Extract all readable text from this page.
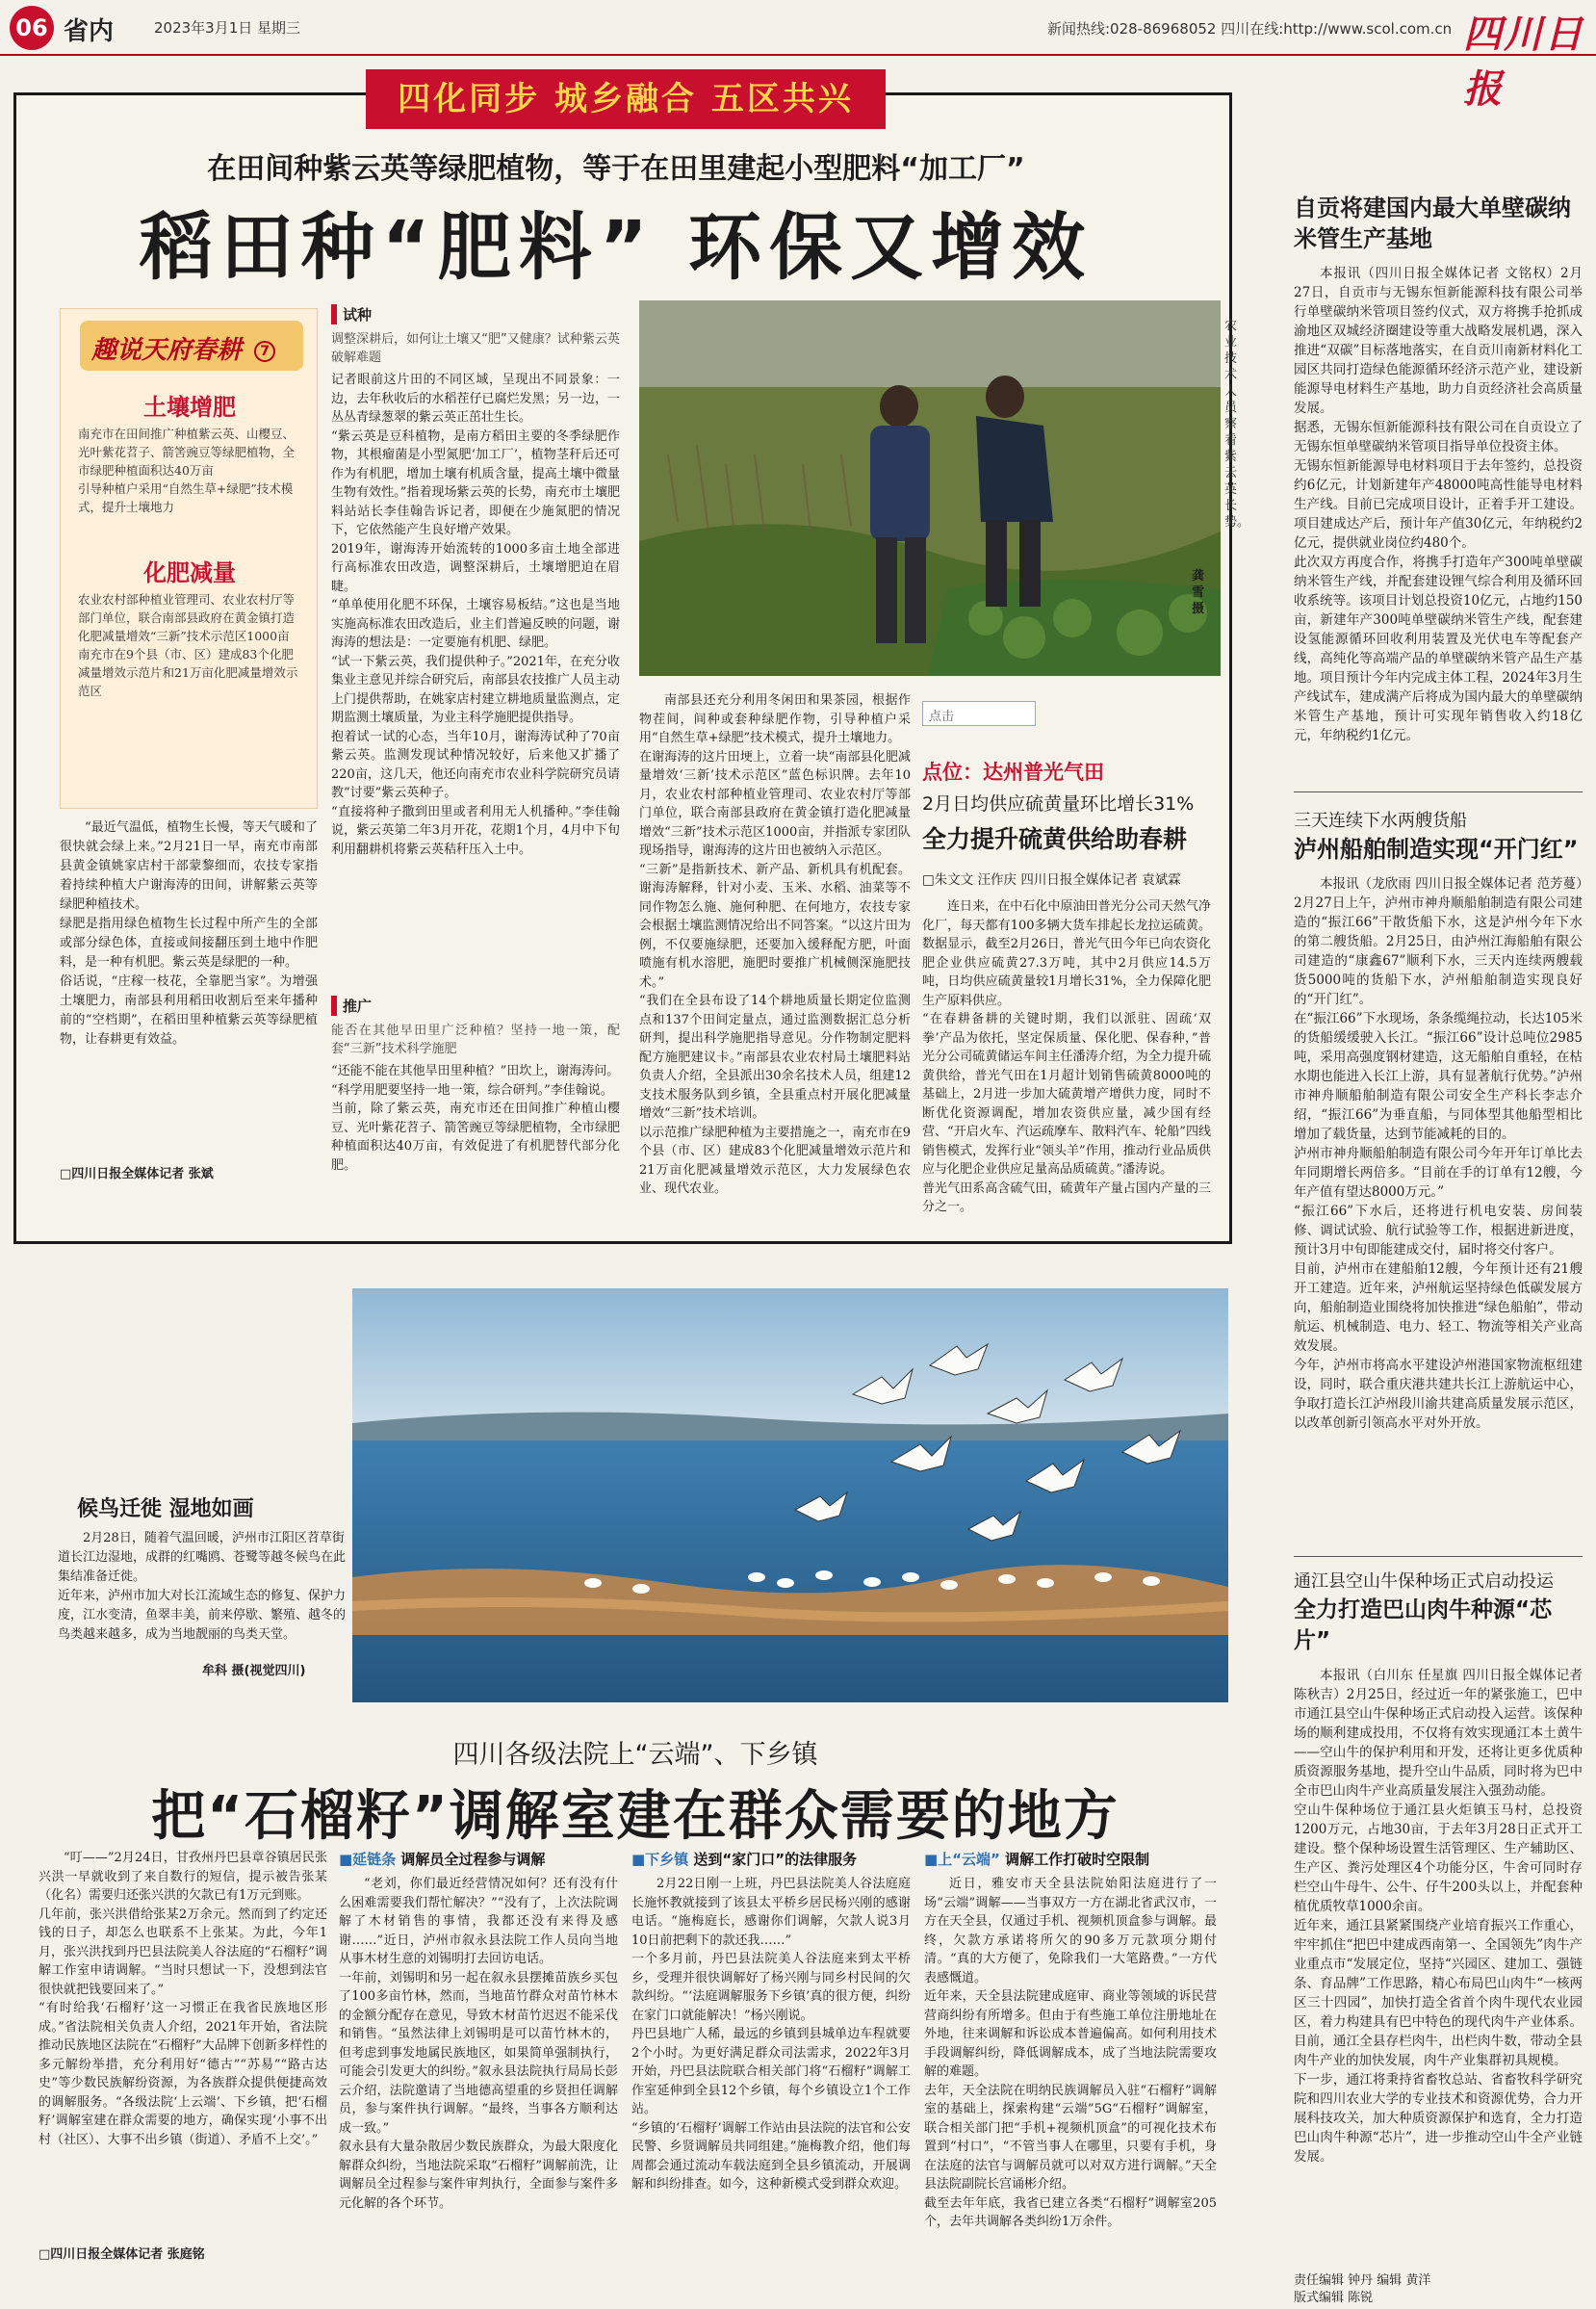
06 省内	2023年3月1日 星期三	新闻热线:028-86968052 四川在线:http://www.scol.com.cn 四川日报
四化同步 城乡融合 五区共兴
在田间种紫云英等绿肥植物，等于在田里建起小型肥料“加工厂”
稻田种“肥料” 环保又增效
趣说天府春耕 7
土壤增肥
南充市在田间推广种植紫云英、山樱豆、光叶紫花苕子、箭筈豌豆等绿肥植物，全市绿肥种植面积达40万亩
引导种植户采用“自然生草+绿肥”技术模式，提升土壤地力
化肥减量
农业农村部种植业管理司、农业农村厅等部门单位，联合南部县政府在黄金镇打造化肥减量增效“三新”技术示范区1000亩
南充市在9个县（市、区）建成83个化肥减量增效示范片和21万亩化肥减量增效示范区
“最近气温低，植物生长慢，等天气暖和了很快就会绿上来。”2月21日一早，南充市南部县黄金镇姚家店村干部蒙黎细而，农技专家指着持续种植大户谢海涛的田间，讲解紫云英等绿肥种植技术。
绿肥是指用绿色植物生长过程中所产生的全部或部分绿色体，直接或间接翻压到土地中作肥料，是一种有机肥。紫云英是绿肥的一种。
俗话说，“庄稼一枝花，全靠肥当家”。为增强土壤肥力，南部县利用稻田收割后至来年播种前的“空档期”，在稻田里种植紫云英等绿肥植物，让春耕更有效益。
□四川日报全媒体记者 张斌
试种
调整深耕后，如何让土壤又“肥”又健康？试种紫云英破解难题
记者眼前这片田的不同区域，呈现出不同景象：一边，去年秋收后的水稻茬仔已腐烂发黑；另一边，一丛丛青绿葱翠的紫云英正茁壮生长。
“紫云英是豆科植物，是南方稻田主要的冬季绿肥作物，其根瘤菌是小型氮肥‘加工厂’，植物茎秆后还可作为有机肥，增加土壤有机质含量，提高土壤中微量生物有效性。”指着现场紫云英的长势，南充市土壤肥料站站长李佳翰告诉记者，即便在少施氮肥的情况下，它依然能产生良好增产效果。
2019年，谢海涛开始流转的1000多亩土地全部进行高标准农田改造，调整深耕后，土壤增肥迫在眉睫。
“单单使用化肥不环保，土壤容易板结。”这也是当地实施高标准农田改造后，业主们普遍反映的问题，谢海涛的想法是：一定要施有机肥、绿肥。
“试一下紫云英，我们提供种子。”2021年，在充分收集业主意见并综合研究后，南部县农技推广人员主动上门提供帮助，在姚家店村建立耕地质量监测点，定期监测土壤质量，为业主科学施肥提供指导。
抱着试一试的心态，当年10月，谢海涛试种了70亩紫云英。监测发现试种情况较好，后来他又扩播了220亩，这几天，他还向南充市农业科学院研究员请教“讨要”紫云英种子。
“直接将种子撒到田里或者利用无人机播种。”李佳翰说，紫云英第二年3月开花，花期1个月，4月中下旬利用翻耕机将紫云英秸秆压入土中。
推广
能否在其他早田里广泛种植？坚持一地一策，配套“三新”技术科学施肥
“还能不能在其他旱田里种植？”田坎上，谢海涛问。
“科学用肥要坚持一地一策，综合研判。”李佳翰说。
当前，除了紫云英，南充市还在田间推广种植山樱豆、光叶紫花苕子、箭筈豌豆等绿肥植物，全市绿肥种植面积达40万亩，有效促进了有机肥替代部分化肥。
农业技术人员察看紫云英长势。
龚雪 摄
南部县还充分利用冬闲田和果茶园，根据作物茬间，间种或套种绿肥作物，引导种植户采用“自然生草+绿肥”技术模式，提升土壤地力。
在谢海涛的这片田埂上，立着一块“南部县化肥减量增效‘三新’技术示范区”蓝色标识牌。去年10月，农业农村部种植业管理司、农业农村厅等部门单位，联合南部县政府在黄金镇打造化肥减量增效“三新”技术示范区1000亩，并指派专家团队现场指导，谢海涛的这片田也被纳入示范区。
“三新”是指新技术、新产品、新机具有机配套。谢海涛解释，针对小麦、玉米、水稻、油菜等不同作物怎么施、施何种肥、在何地方，农技专家会根据土壤监测情况给出不同答案。“以这片田为例，不仅要施绿肥，还要加入缓释配方肥，叶面喷施有机水溶肥，施肥时要推广机械侧深施肥技术。”
“我们在全县布设了14个耕地质量长期定位监测点和137个田间定量点，通过监测数据汇总分析研判，提出科学施肥指导意见。分作物制定肥料配方施肥建议卡。”南部县农业农村局土壤肥料站负责人介绍，全县派出30余名技术人员，组建12支技术服务队到乡镇，全县重点村开展化肥减量增效“三新”技术培训。
以示范推广绿肥种植为主要措施之一，南充市在9个县（市、区）建成83个化肥减量增效示范片和21万亩化肥减量增效示范区，大力发展绿色农业、现代农业。
点击
点位：达州普光气田
2月日均供应硫黄量环比增长31%
全力提升硫黄供给助春耕
□朱文文 汪作庆 四川日报全媒体记者 袁斌霖
连日来，在中石化中原油田普光分公司天然气净化厂，每天都有100多辆大货车排起长龙拉运硫黄。数据显示，截至2月26日，普光气田今年已向农资化肥企业供应硫黄27.3万吨，其中2月供应14.5万吨，日均供应硫黄量较1月增长31%，全力保障化肥生产原料供应。
“在春耕备耕的关键时期，我们以派驻、固疏‘双拳’产品为依托，坚定保质量、保化肥、保春种，”普光分公司硫黄储运车间主任潘涛介绍，为全力提升硫黄供给，普光气田在1月超计划销售硫黄8000吨的基础上，2月进一步加大硫黄增产增供力度，同时不断优化资源调配，增加农资供应量，减少国有经营、“开启火车、汽运疏摩车、散料汽车、轮船”四线销售模式，发挥行业“领头羊”作用，推动行业品质供应与化肥企业供应足量高品质硫黄。”潘涛说。
普光气田系高含硫气田，硫黄年产量占国内产量的三分之一。
候鸟迁徙 湿地如画
2月28日，随着气温回暖，泸州市江阳区苕草街道长江边湿地，成群的红嘴鸥、苍鹭等越冬候鸟在此集结准备迁徙。
近年来，泸州市加大对长江流域生态的修复、保护力度，江水变清，鱼翠丰美，前来停歇、繁殖、越冬的鸟类越来越多，成为当地靓丽的鸟类天堂。
牟科 摄(视觉四川)
四川各级法院上“云端”、下乡镇
把“石榴籽”调解室建在群众需要的地方
“叮——”2月24日，甘孜州丹巴县章谷镇居民张兴洪一早就收到了来自数行的短信，提示被告张某（化名）需要归还张兴洪的欠款已有1万元到账。
几年前，张兴洪借给张某2万余元。然而到了约定还钱的日子，却怎么也联系不上张某。为此，今年1月，张兴洪找到丹巴县法院美人谷法庭的“石榴籽”调解工作室申请调解。“当时只想试一下，没想到法官很快就把钱要回来了。”
“有时给我‘石榴籽’这一习惯正在我省民族地区形成。”省法院相关负责人介绍，2021年开始，省法院推动民族地区法院在“石榴籽”大品牌下创新多样性的多元解纷举措，充分利用好“德古”“苏易”“路古达史”等少数民族解纷资源，为各族群众提供便捷高效的调解服务。“各级法院‘上云端’、下乡镇，把‘石榴籽’调解室建在群众需要的地方，确保实现‘小事不出村（社区）、大事不出乡镇（街道）、矛盾不上交’。”
□四川日报全媒体记者 张庭铭
■延链条 调解员全过程参与调解
“老刘，你们最近经营情况如何？还有没有什么困难需要我们帮忙解决？”“没有了，上次法院调解了木材销售的事情，我都还没有来得及感谢……”近日，泸州市叙永县法院工作人员向当地从事木材生意的刘锡明打去回访电话。
一年前，刘锡明和另一起在叙永县摆摊苗族乡买包了100多亩竹林，然而，当地苗竹群众对苗竹林木的金额分配存在意见，导致木材苗竹迟迟不能采伐和销售。“虽然法律上刘锡明是可以苗竹林木的，但考虑到事发地属民族地区，如果简单强制执行，可能会引发更大的纠纷。”叙永县法院执行局局长彭云介绍，法院邀请了当地德高望重的乡贤担任调解员，参与案件执行调解。“最终，当事各方顺利达成一致。”
叙永县有大量杂散居少数民族群众，为最大限度化解群众纠纷，当地法院采取“石榴籽”调解前洗，让调解员全过程参与案件审判执行，全面参与案件多元化解的各个环节。
■下乡镇 送到“家门口”的法律服务
2月22日刚一上班，丹巴县法院美人谷法庭庭长施怀教就接到了该县太平桥乡居民杨兴刚的感谢电话。“施梅庭长，感谢你们调解，欠款人说3月10日前把剩下的款还我……”
一个多月前，丹巴县法院美人谷法庭来到太平桥乡，受理并很快调解好了杨兴刚与同乡村民间的欠款纠纷。“‘法庭调解服务下乡镇’真的很方便，纠纷在家门口就能解决！”杨兴刚说。
丹巴县地广人稀，最远的乡镇到县城单边车程就要2个小时。为更好满足群众司法需求，2022年3月开始，丹巴县法院联合相关部门将“石榴籽”调解工作室延伸到全县12个乡镇，每个乡镇设立1个工作站。
“乡镇的‘石榴籽’调解工作站由县法院的法官和公安民警、乡贤调解员共同组建。”施梅教介绍，他们每周都会通过流动车载法庭到全县乡镇流动，开展调解和纠纷排查。如今，这种新模式受到群众欢迎。
■上“云端” 调解工作打破时空限制
近日，雅安市天全县法院始阳法庭进行了一场“云端”调解——当事双方一方在湖北省武汉市，一方在天全县，仅通过手机、视频机顶盒参与调解。最终，欠款方承诺将所欠的90多万元款项分期付清。“真的大方便了，免除我们一大笔路费。”一方代表感慨道。
近年来，天全县法院建成庭审、商业等领域的诉民营营商纠纷有所增多。但由于有些施工单位注册地址在外地，往来调解和诉讼成本普遍偏高。如何利用技术手段调解纠纷，降低调解成本，成了当地法院需要攻解的难题。
去年，天全法院在明纳民族调解员入驻“石榴籽”调解室的基础上，探索构建“云端”5G“石榴籽”调解室，联合相关部门把“手机+视频机顶盒”的可视化技术布置到“村口”，“不管当事人在哪里，只要有手机，身在法庭的法官与调解员就可以对双方进行调解。”天全县法院副院长宫诵彬介绍。
截至去年年底，我省已建立各类“石榴籽”调解室205个，去年共调解各类纠纷1万余件。
自贡将建国内最大单壁碳纳米管生产基地
本报讯（四川日报全媒体记者 文铭权）2月27日，自贡市与无锡东恒新能源科技有限公司举行单壁碳纳米管项目签约仪式，双方将携手抢抓成渝地区双城经济圈建设等重大战略发展机遇，深入推进“双碳”目标落地落实，在自贡川南新材料化工园区共同打造绿色能源循环经济示范产业，建设新能源导电材料生产基地，助力自贡经济社会高质量发展。
据悉，无锡东恒新能源科技有限公司在自贡设立了无锡东恒单壁碳纳米管项目指导单位投资主体。
无锡东恒新能源导电材料项目于去年签约，总投资约6亿元，计划新建年产48000吨高性能导电材料生产线。目前已完成项目设计，正着手开工建设。项目建成达产后，预计年产值30亿元，年纳税约2亿元，提供就业岗位约480个。
此次双方再度合作，将携手打造年产300吨单壁碳纳米管生产线，并配套建设锂气综合利用及循环回收系统等。该项目计划总投资10亿元，占地约150亩，新建年产300吨单壁碳纳米管生产线，配套建设氢能源循环回收利用装置及光伏电车等配套产线，高纯化等高端产品的单壁碳纳米管产品生产基地。项目预计今年内完成主体工程，2024年3月生产线试车，建成满产后将成为国内最大的单壁碳纳米管生产基地，预计可实现年销售收入约18亿元，年纳税约1亿元。
三天连续下水两艘货船
泸州船舶制造实现“开门红”
本报讯（龙欣雨 四川日报全媒体记者 范芳蔓）2月27日上午，泸州市神舟顺船舶制造有限公司建造的“振江66”干散货船下水，这是泸州今年下水的第二艘货船。2月25日，由泸州江海船舶有限公司建造的“康鑫67”顺利下水，三天内连续两艘载货5000吨的货船下水，泸州船舶制造实现良好的“开门红”。
在“振江66”下水现场，条条缆绳拉动，长达105米的货船缓缓驶入长江。“振江66”设计总吨位2985吨，采用高强度钢材建造，这无船舶自重轻，在枯水期也能进入长江上游，具有显著航行优势。”泸州市神舟顺船舶制造有限公司安全生产科长李志介绍，“振江66”为垂直船，与同体型其他船型相比增加了载货量，达到节能减耗的目的。
泸州市神舟顺船舶制造有限公司今年开年订单比去年同期增长两倍多。“目前在手的订单有12艘，今年产值有望达8000万元。”
“振江66”下水后，还将进行机电安装、房间装修、调试试验、航行试验等工作，根据进新进度，预计3月中旬即能建成交付，届时将交付客户。
目前，泸州市在建船舶12艘，今年预计还有21艘开工建造。近年来，泸州航运坚持绿色低碳发展方向，船舶制造业围绕将加快推进“绿色船舶”，带动航运、机械制造、电力、轻工、物流等相关产业高效发展。
今年，泸州市将高水平建设泸州港国家物流枢纽建设，同时，联合重庆港共建共长江上游航运中心，争取打造长江泸州段川渝共建高质量发展示范区，以改革创新引领高水平对外开放。
通江县空山牛保种场正式启动投运
全力打造巴山肉牛种源“芯片”
本报讯（白川东 任星旗 四川日报全媒体记者 陈秋吉）2月25日，经过近一年的紧张施工，巴中市通江县空山牛保种场正式启动投入运营。该保种场的顺利建成投用，不仅将有效实现通江本土黄牛——空山牛的保护利用和开发，还将让更多优质种质资源服务基地，提升空山牛品质，同时将为巴中全市巴山肉牛产业高质量发展注入强劲动能。
空山牛保种场位于通江县火炬镇玉马村，总投资1200万元，占地30亩，于去年3月28日正式开工建设。整个保种场设置生活管理区、生产辅助区、生产区、粪污处理区4个功能分区，牛舍可同时存栏空山牛母牛、公牛、仔牛200头以上，并配套种植优质牧草1000余亩。
近年来，通江县紧紧围绕产业培育振兴工作重心，牢牢抓住“把巴中建成西南第一、全国领先”肉牛产业重点市“发展定位，坚持“兴园区、建加工、强链条、育品牌”工作思路，精心布局巴山肉牛“一核两区三十四园”，加快打造全省首个肉牛现代农业园区，着力构建具有巴中特色的现代肉牛产业体系。目前，通江全县存栏肉牛，出栏肉牛数，带动全县肉牛产业的加快发展，肉牛产业集群初具规模。
下一步，通江将秉持省畜牧总站、省畜牧科学研究院和四川农业大学的专业技术和资源优势，合力开展科技攻关，加大种质资源保护和选育，全力打造巴山肉牛种源“芯片”，进一步推动空山牛全产业链发展。
责任编辑 钟丹 编辑 黄洋
版式编辑 陈锐
